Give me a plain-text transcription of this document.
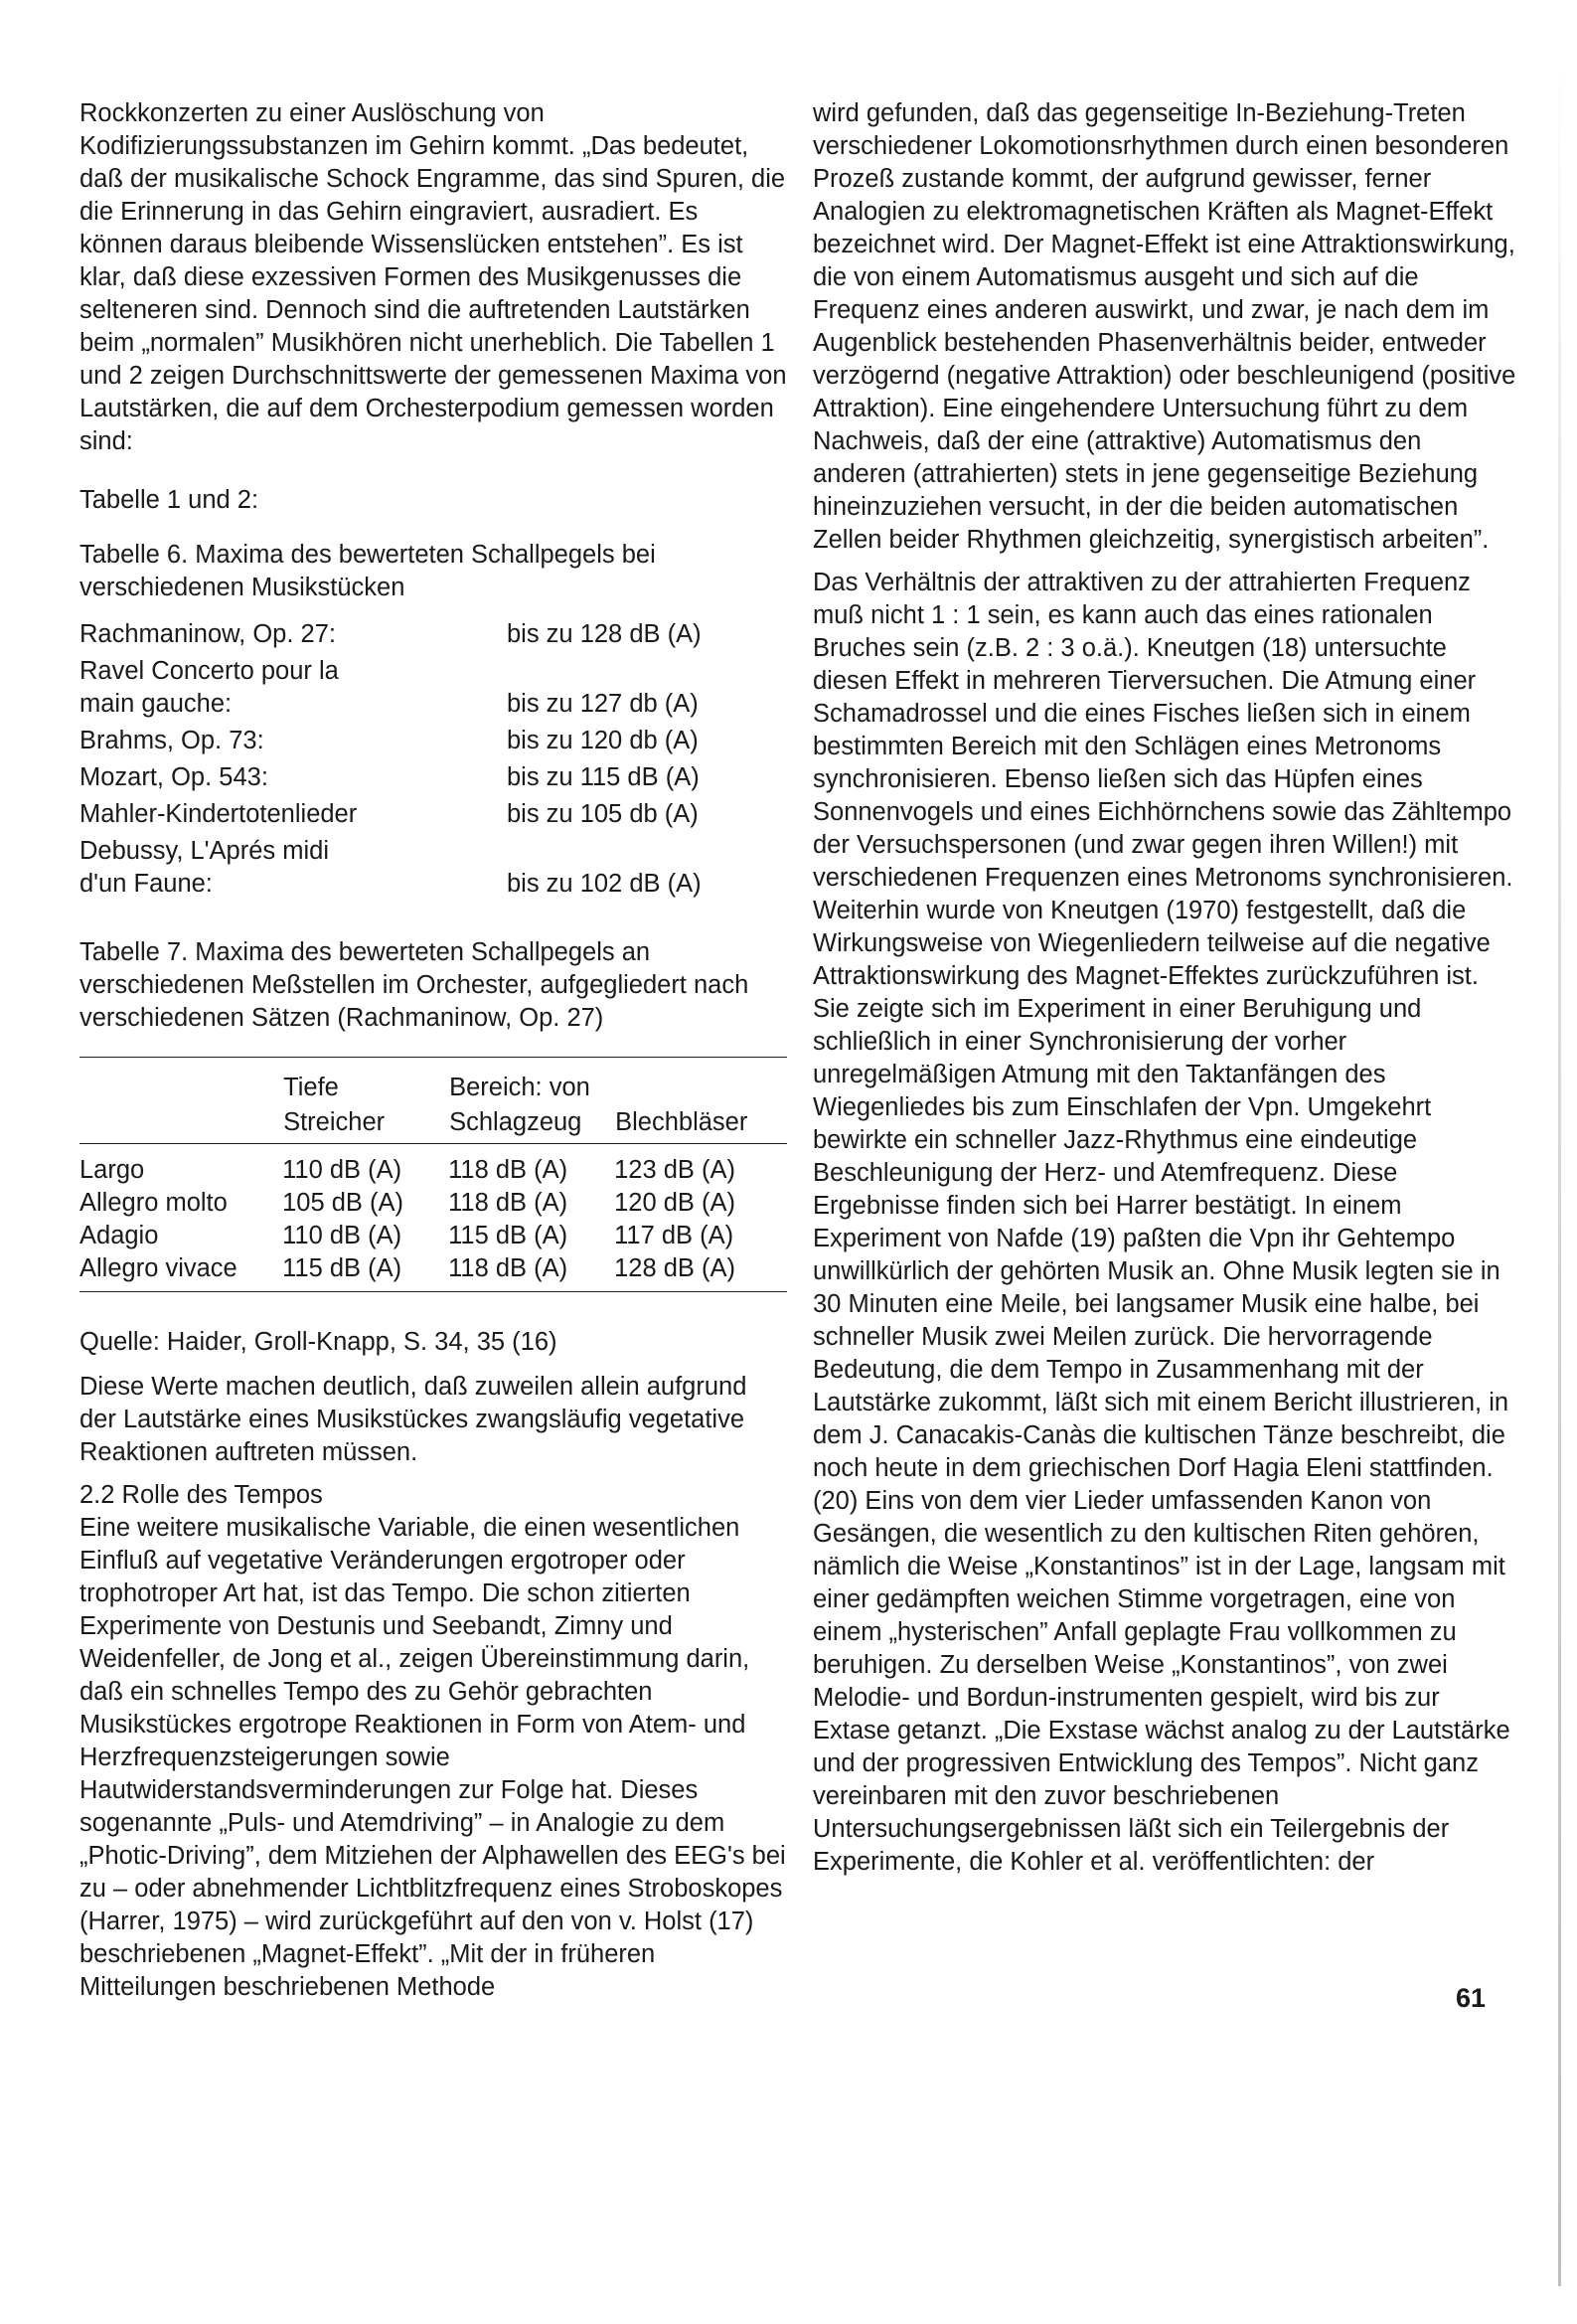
Rockkonzerten zu einer Auslöschung von Kodifizierungssubstanzen im Gehirn kommt. „Das bedeutet, daß der musikalische Schock Engramme, das sind Spuren, die die Erinnerung in das Gehirn eingraviert, ausradiert. Es können daraus bleibende Wissenslücken entstehen”. Es ist klar, daß diese exzessiven Formen des Musikgenusses die selteneren sind. Dennoch sind die auftretenden Lautstärken beim „normalen” Musikhören nicht unerheblich. Die Tabellen 1 und 2 zeigen Durchschnittswerte der gemessenen Maxima von Lautstärken, die auf dem Orchesterpodium gemessen worden sind:

Tabelle 1 und 2:

Tabelle 6. Maxima des bewerteten Schallpegels bei verschiedenen Musikstücken

Rachmaninow, Op. 27:	bis zu 128 dB (A)
Ravel Concerto pour la main gauche:	bis zu 127 db (A)
Brahms, Op. 73:	bis zu 120 db (A)
Mozart, Op. 543:	bis zu 115 dB (A)
Mahler-Kindertotenlieder	bis zu 105 db (A)
Debussy, L'Aprés midi d'un Faune:	bis zu 102 dB (A)

Tabelle 7. Maxima des bewerteten Schallpegels an verschiedenen Meßstellen im Orchester, aufgegliedert nach verschiedenen Sätzen (Rachmaninow, Op. 27)

	Tiefe	Bereich: von	
	Streicher	Schlagzeug	Blechbläser
Largo	110 dB (A)	118 dB (A)	123 dB (A)
Allegro molto	105 dB (A)	118 dB (A)	120 dB (A)
Adagio	110 dB (A)	115 dB (A)	117 dB (A)
Allegro vivace	115 dB (A)	118 dB (A)	128 dB (A)

Quelle: Haider, Groll-Knapp, S. 34, 35 (16)

Diese Werte machen deutlich, daß zuweilen allein aufgrund der Lautstärke eines Musikstückes zwangsläufig vegetative Reaktionen auftreten müssen.

2.2 Rolle des Tempos

Eine weitere musikalische Variable, die einen wesentlichen Einfluß auf vegetative Veränderungen ergotroper oder trophotroper Art hat, ist das Tempo. Die schon zitierten Experimente von Destunis und Seebandt, Zimny und Weidenfeller, de Jong et al., zeigen Übereinstimmung darin, daß ein schnelles Tempo des zu Gehör gebrachten Musikstückes ergotrope Reaktionen in Form von Atem- und Herzfrequenzsteigerungen sowie Hautwiderstandsverminderungen zur Folge hat. Dieses sogenannte „Puls- und Atemdriving” – in Analogie zu dem „Photic-Driving”, dem Mitziehen der Alphawellen des EEG's bei zu – oder abnehmender Lichtblitzfrequenz eines Stroboskopes (Harrer, 1975) – wird zurückgeführt auf den von v. Holst (17) beschriebenen „Magnet-Effekt”. „Mit der in früheren Mitteilungen beschriebenen Methode

wird gefunden, daß das gegenseitige In-Beziehung-Treten verschiedener Lokomotionsrhythmen durch einen besonderen Prozeß zustande kommt, der aufgrund gewisser, ferner Analogien zu elektromagnetischen Kräften als Magnet-Effekt bezeichnet wird. Der Magnet-Effekt ist eine Attraktionswirkung, die von einem Automatismus ausgeht und sich auf die Frequenz eines anderen auswirkt, und zwar, je nach dem im Augenblick bestehenden Phasenverhältnis beider, entweder verzögernd (negative Attraktion) oder beschleunigend (positive Attraktion). Eine eingehendere Untersuchung führt zu dem Nachweis, daß der eine (attraktive) Automatismus den anderen (attrahierten) stets in jene gegenseitige Beziehung hineinzuziehen versucht, in der die beiden automatischen Zellen beider Rhythmen gleichzeitig, synergistisch arbeiten”.

Das Verhältnis der attraktiven zu der attrahierten Frequenz muß nicht 1 : 1 sein, es kann auch das eines rationalen Bruches sein (z.B. 2 : 3 o.ä.). Kneutgen (18) untersuchte diesen Effekt in mehreren Tierversuchen. Die Atmung einer Schamadrossel und die eines Fisches ließen sich in einem bestimmten Bereich mit den Schlägen eines Metronoms synchronisieren. Ebenso ließen sich das Hüpfen eines Sonnenvogels und eines Eichhörnchens sowie das Zähltempo der Versuchspersonen (und zwar gegen ihren Willen!) mit verschiedenen Frequenzen eines Metronoms synchronisieren. Weiterhin wurde von Kneutgen (1970) festgestellt, daß die Wirkungsweise von Wiegenliedern teilweise auf die negative Attraktionswirkung des Magnet-Effektes zurückzuführen ist. Sie zeigte sich im Experiment in einer Beruhigung und schließlich in einer Synchronisierung der vorher unregelmäßigen Atmung mit den Taktanfängen des Wiegenliedes bis zum Einschlafen der Vpn. Umgekehrt bewirkte ein schneller Jazz-Rhythmus eine eindeutige Beschleunigung der Herz- und Atemfrequenz. Diese Ergebnisse finden sich bei Harrer bestätigt. In einem Experiment von Nafde (19) paßten die Vpn ihr Gehtempo unwillkürlich der gehörten Musik an. Ohne Musik legten sie in 30 Minuten eine Meile, bei langsamer Musik eine halbe, bei schneller Musik zwei Meilen zurück. Die hervorragende Bedeutung, die dem Tempo in Zusammenhang mit der Lautstärke zukommt, läßt sich mit einem Bericht illustrieren, in dem J. Canacakis-Canàs die kultischen Tänze beschreibt, die noch heute in dem griechischen Dorf Hagia Eleni stattfinden.(20) Eins von dem vier Lieder umfassenden Kanon von Gesängen, die wesentlich zu den kultischen Riten gehören, nämlich die Weise „Konstantinos” ist in der Lage, langsam mit einer gedämpften weichen Stimme vorgetragen, eine von einem „hysterischen” Anfall geplagte Frau vollkommen zu beruhigen. Zu derselben Weise „Konstantinos”, von zwei Melodie- und Bordun-instrumenten gespielt, wird bis zur Extase getanzt. „Die Exstase wächst analog zu der Lautstärke und der progressiven Entwicklung des Tempos”. Nicht ganz vereinbaren mit den zuvor beschriebenen Untersuchungsergebnissen läßt sich ein Teilergebnis der Experimente, die Kohler et al. veröffentlichten: der

61
